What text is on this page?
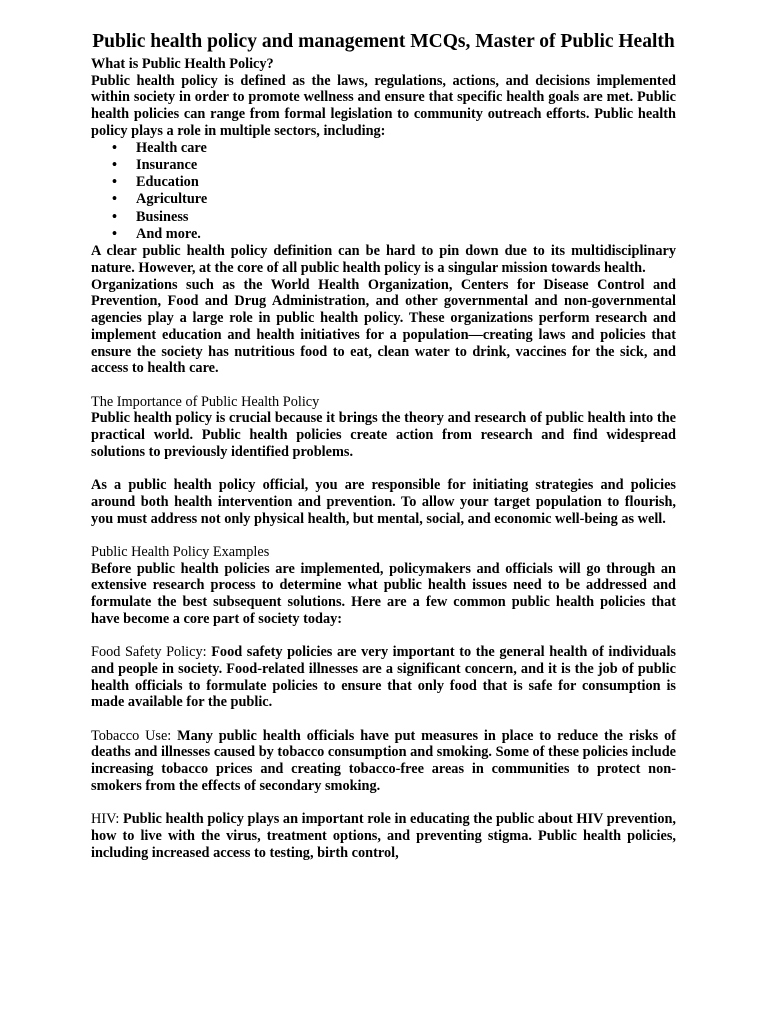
Public health policy and management MCQs, Master of Public Health

What is Public Health Policy?

Public health policy is defined as the laws, regulations, actions, and decisions implemented within society in order to promote wellness and ensure that specific health goals are met. Public health policies can range from formal legislation to community outreach efforts. Public health policy plays a role in multiple sectors, including:

• Health care
• Insurance
• Education
• Agriculture
• Business
• And more.

A clear public health policy definition can be hard to pin down due to its multidisciplinary nature. However, at the core of all public health policy is a singular mission towards health.

Organizations such as the World Health Organization, Centers for Disease Control and Prevention, Food and Drug Administration, and other governmental and non-governmental agencies play a large role in public health policy. These organizations perform research and implement education and health initiatives for a population—creating laws and policies that ensure the society has nutritious food to eat, clean water to drink, vaccines for the sick, and access to health care.

The Importance of Public Health Policy

Public health policy is crucial because it brings the theory and research of public health into the practical world. Public health policies create action from research and find widespread solutions to previously identified problems.

As a public health policy official, you are responsible for initiating strategies and policies around both health intervention and prevention. To allow your target population to flourish, you must address not only physical health, but mental, social, and economic well-being as well.

Public Health Policy Examples

Before public health policies are implemented, policymakers and officials will go through an extensive research process to determine what public health issues need to be addressed and formulate the best subsequent solutions. Here are a few common public health policies that have become a core part of society today:

Food Safety Policy: Food safety policies are very important to the general health of individuals and people in society. Food-related illnesses are a significant concern, and it is the job of public health officials to formulate policies to ensure that only food that is safe for consumption is made available for the public.

Tobacco Use: Many public health officials have put measures in place to reduce the risks of deaths and illnesses caused by tobacco consumption and smoking. Some of these policies include increasing tobacco prices and creating tobacco-free areas in communities to protect non-smokers from the effects of secondary smoking.

HIV: Public health policy plays an important role in educating the public about HIV prevention, how to live with the virus, treatment options, and preventing stigma. Public health policies, including increased access to testing, birth control,
